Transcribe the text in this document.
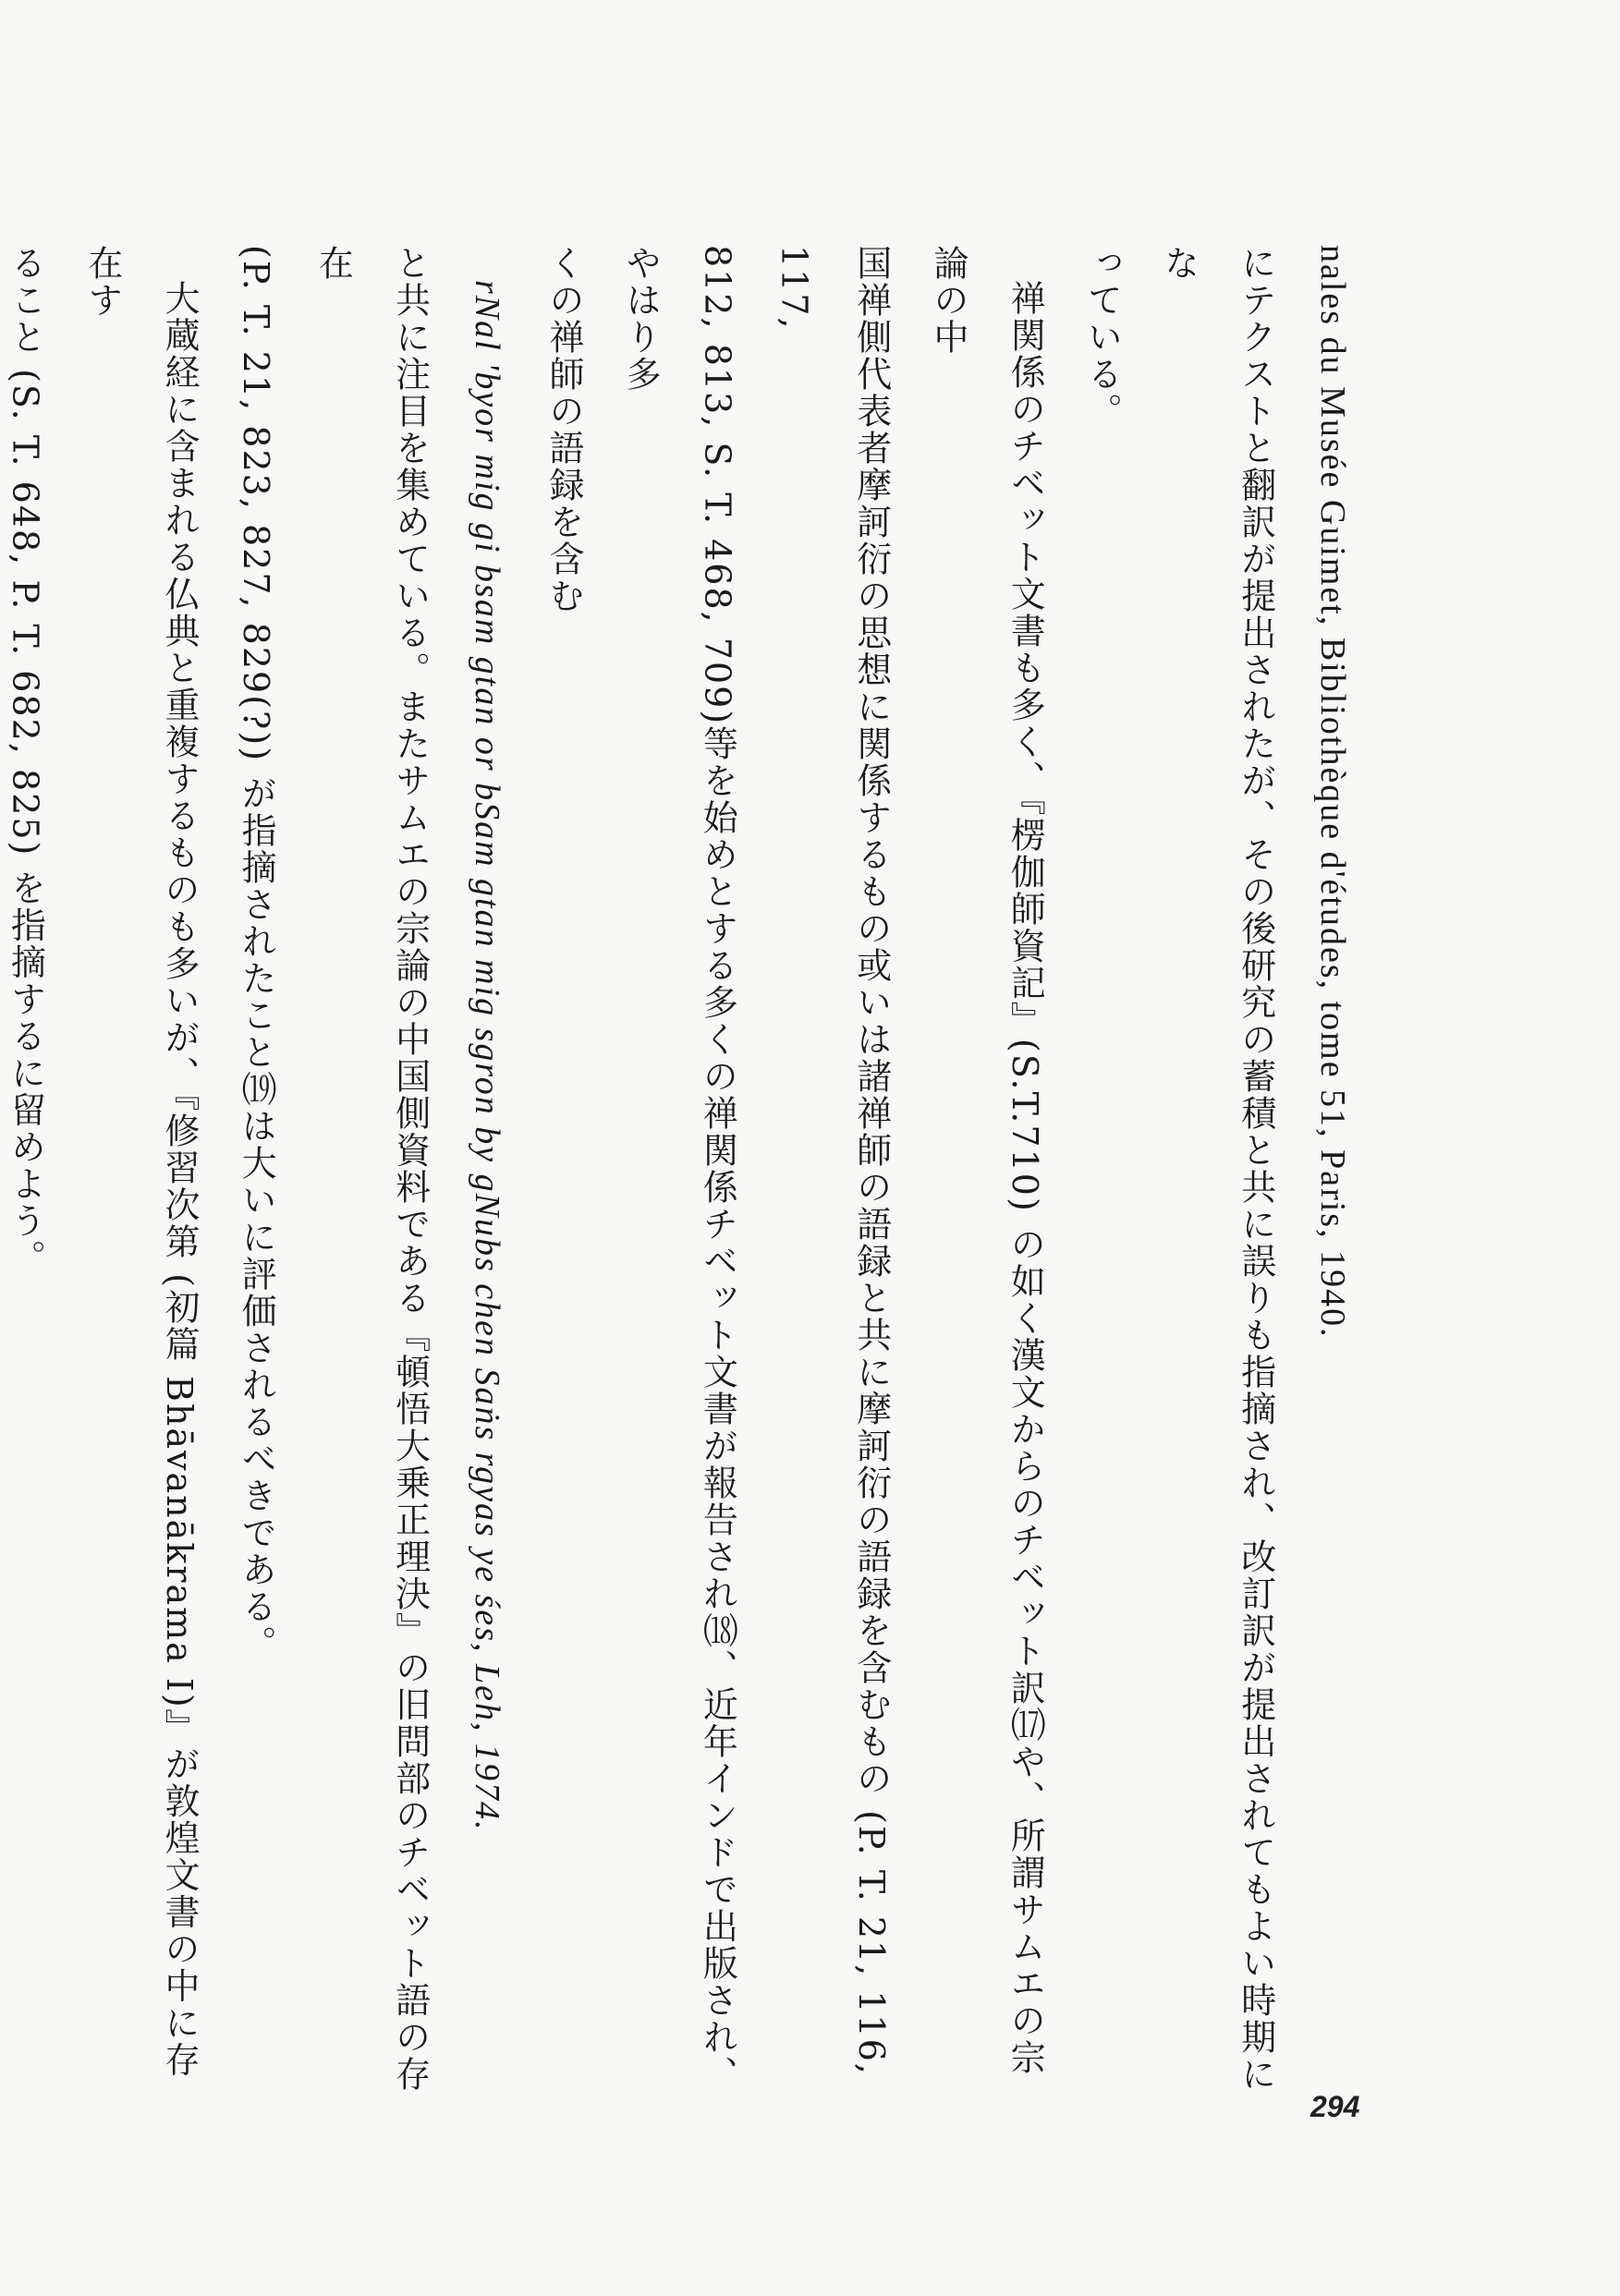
nales du Musée Guimet, Bibliothèque d'études, tome 51, Paris, 1940.

にテクストと翻訳が提出されたが、その後研究の蓄積と共に誤りも指摘され、改訂訳が提出されてもよい時期にな

っている。

禅関係のチベット文書も多く、『楞伽師資記』(S.T.710) の如く漢文からのチベット訳⒄や、所謂サムエの宗論の中

国禅側代表者摩訶衍の思想に関係するもの或いは諸禅師の語録と共に摩訶衍の語録を含むもの (P. T. 21, 116, 117,

812, 813, S. T. 468, 709)等を始めとする多くの禅関係チベット文書が報告され⒅、近年インドで出版され、やはり多

くの禅師の語録を含む

rNal 'byor mig gi bsam gtan or bSam gtan mig sgron by gNubs chen Saṅs rgyas ye śes, Leh, 1974.

と共に注目を集めている。またサムエの宗論の中国側資料である『頓悟大乗正理決』の旧問部のチベット語の存在

(P. T. 21, 823, 827, 829(?)) が指摘されたこと⒆は大いに評価されるべきである。

大蔵経に含まれる仏典と重複するものも多いが、『修習次第 (初篇 Bhāvanākrama I)』が敦煌文書の中に存在す

ること (S. T. 648, P. T. 682, 825) を指摘するに留めよう。

294
